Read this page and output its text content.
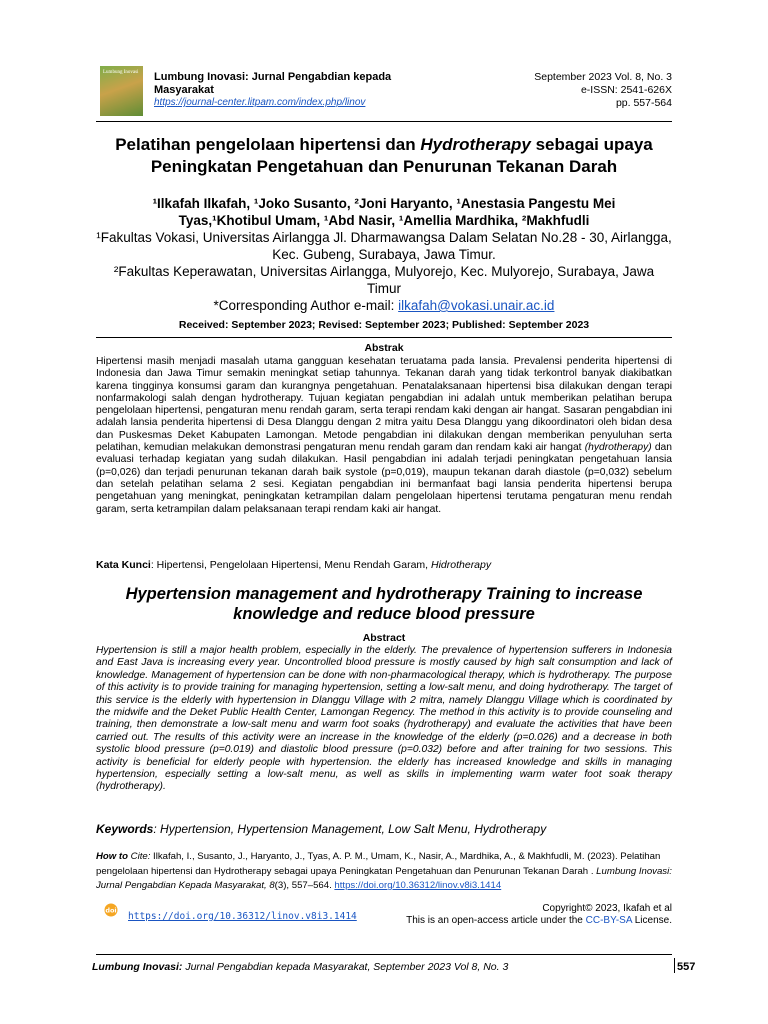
Lumbung Inovasi Lumbung Inovasi: Jurnal Pengabdian kepada Masyarakat
https://journal-center.litpam.com/index.php/linov
September 2023 Vol. 8, No. 3
e-ISSN: 2541-626X
pp. 557-564
Pelatihan pengelolaan hipertensi dan Hydrotherapy sebagai upaya
Peningkatan Pengetahuan dan Penurunan Tekanan Darah
¹Ilkafah Ilkafah, ¹Joko Susanto, ²Joni Haryanto, ¹Anestasia Pangestu Mei
Tyas,¹Khotibul Umam, ¹Abd Nasir, ¹Amellia Mardhika, ²Makhfudli
¹Fakultas Vokasi, Universitas Airlangga Jl. Dharmawangsa Dalam Selatan No.28 - 30, Airlangga, Kec. Gubeng, Surabaya, Jawa Timur.
²Fakultas Keperawatan, Universitas Airlangga, Mulyorejo, Kec. Mulyorejo, Surabaya, Jawa Timur
*Corresponding Author e-mail: ilkafah@vokasi.unair.ac.id
Received: September 2023; Revised: September 2023; Published: September 2023
Abstrak
Hipertensi masih menjadi masalah utama gangguan kesehatan teruatama pada lansia. Prevalensi penderita hipertensi di Indonesia dan Jawa Timur semakin meningkat setiap tahunnya. Tekanan darah yang tidak terkontrol banyak diakibatkan karena tingginya konsumsi garam dan kurangnya pengetahuan. Penatalaksanaan hipertensi bisa dilakukan dengan terapi nonfarmakologi salah dengan hydrotherapy. Tujuan kegiatan pengabdian ini adalah untuk memberikan pelatihan berupa pengelolaan hipertensi, pengaturan menu rendah garam, serta terapi rendam kaki dengan air hangat. Sasaran pengabdian ini adalah lansia penderita hipertensi di Desa Dlanggu dengan 2 mitra yaitu Desa Dlanggu yang dikoordinatori oleh bidan desa dan Puskesmas Deket Kabupaten Lamongan. Metode pengabdian ini dilakukan dengan memberikan penyuluhan serta pelatihan, kemudian melakukan demonstrasi pengaturan menu rendah garam dan rendam kaki air hangat (hydrotherapy) dan evaluasi terhadap kegiatan yang sudah dilakukan. Hasil pengabdian ini adalah terjadi peningkatan pengetahuan lansia (p=0,026) dan terjadi penurunan tekanan darah baik systole (p=0,019), maupun tekanan darah diastole (p=0,032) sebelum dan setelah pelatihan selama 2 sesi. Kegiatan pengabdian ini bermanfaat bagi lansia penderita hipertensi berupa pengetahuan yang meningkat, peningkatan ketrampilan dalam pengelolaan hipertensi terutama pengaturan menu rendah garam, serta ketrampilan dalam pelaksanaan terapi rendam kaki air hangat.
Kata Kunci: Hipertensi, Pengelolaan Hipertensi, Menu Rendah Garam, Hidrotherapy
Hypertension management and hydrotherapy Training to increase
knowledge and reduce blood pressure
Abstract
Hypertension is still a major health problem, especially in the elderly. The prevalence of hypertension sufferers in Indonesia and East Java is increasing every year. Uncontrolled blood pressure is mostly caused by high salt consumption and lack of knowledge. Management of hypertension can be done with non-pharmacological therapy, which is hydrotherapy. The purpose of this activity is to provide training for managing hypertension, setting a low-salt menu, and doing hydrotherapy. The target of this service is the elderly with hypertension in Dlanggu Village with 2 mitra, namely Dlanggu Village which is coordinated by the midwife and the Deket Public Health Center, Lamongan Regency. The method in this activity is to provide counseling and training, then demonstrate a low-salt menu and warm foot soaks (hydrotherapy) and evaluate the activities that have been carried out. The results of this activity were an increase in the knowledge of the elderly (p=0.026) and a decrease in both systolic blood pressure (p=0.019) and diastolic blood pressure (p=0.032) before and after training for two sessions. This activity is beneficial for elderly people with hypertension. the elderly has increased knowledge and skills in managing hypertension, especially setting a low-salt menu, as well as skills in implementing warm water foot soak therapy (hydrotherapy).
Keywords: Hypertension, Hypertension Management, Low Salt Menu, Hydrotherapy
How to Cite: Ilkafah, I., Susanto, J., Haryanto, J., Tyas, A. P. M., Umam, K., Nasir, A., Mardhika, A., & Makhfudli, M. (2023). Pelatihan pengelolaan hipertensi dan Hydrotherapy sebagai upaya Peningkatan Pengetahuan dan Penurunan Tekanan Darah . Lumbung Inovasi: Jurnal Pengabdian Kepada Masyarakat, 8(3), 557–564. https://doi.org/10.36312/linov.v8i3.1414
doi
https://doi.org/10.36312/linov.v8i3.1414
Copyright© 2023, Ikafah et al
This is an open-access article under the CC-BY-SA License.
Lumbung Inovasi: Jurnal Pengabdian kepada Masyarakat, September 2023 Vol 8, No. 3	557
